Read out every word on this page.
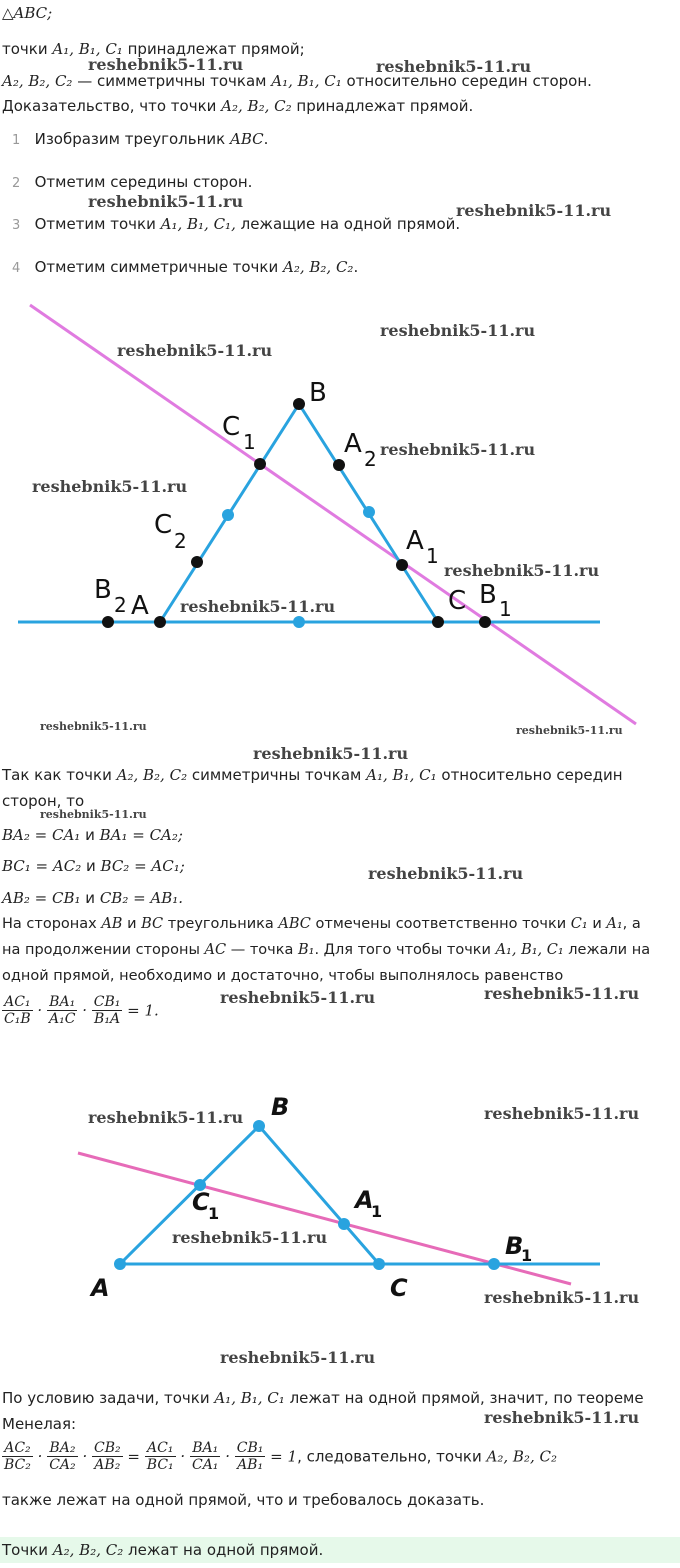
△ABC;
точки A₁, B₁, C₁ принадлежат прямой;
A₂, B₂, C₂ — симметричны точкам A₁, B₁, C₁ относительно середин сторон.
Доказательство, что точки A₂, B₂, C₂ принадлежат прямой.
1 Изобразим треугольник ABC.
2 Отметим середины сторон.
3 Отметим точки A₁, B₁, C₁, лежащие на одной прямой.
4 Отметим симметричные точки A₂, B₂, C₂.
B
C 1	A 2
C
2	A 1
B 2 A	C B 1
Так как точки A₂, B₂, C₂ симметричны точкам A₁, B₁, C₁ относительно середин
сторон, то
BA₂ = CA₁ и BA₁ = CA₂;
BC₁ = AC₂ и BC₂ = AC₁;
AB₂ = CB₁ и CB₂ = AB₁.
На сторонах AB и BC треугольника ABC отмечены соответственно точки C₁ и A₁, а
на продолжении стороны AC — точка B₁. Для того чтобы точки A₁, B₁, C₁ лежали на
одной прямой, необходимо и достаточно, чтобы выполнялось равенство
$\frac{\text{AC₁}}{\text{C₁B}} \cdot \frac{\text{BA₁}}{\text{A₁C}} \cdot \frac{\text{CB₁}}{\text{B₁A}} = 1$.
B
C
1	A
1
A	C
B
1
По условию задачи, точки A₁, B₁, C₁ лежат на одной прямой, значит, по теореме
Менелая:
$\frac{\text{AC₂}}{\text{BC₂}} \cdot \frac{\text{BA₂}}{\text{CA₂}} \cdot \frac{\text{CB₂}}{\text{AB₂}} = \frac{\text{AC₁}}{\text{BC₁}} \cdot \frac{\text{BA₁}}{\text{CA₁}} \cdot \frac{\text{CB₁}}{\text{AB₁}} = 1$, следовательно, точки A₂, B₂, C₂
также лежат на одной прямой, что и требовалось доказать.
Точки A₂, B₂, C₂ лежат на одной прямой.
reshebnik5-11.ru	reshebnik5-11.ru
reshebnik5-11.ru	reshebnik5-11.ru
reshebnik5-11.ru
reshebnik5-11.ru
reshebnik5-11.ru
reshebnik5-11.ru
reshebnik5-11.ru
reshebnik5-11.ru
reshebnik5-11.ru	reshebnik5-11.ru
reshebnik5-11.ru
reshebnik5-11.ru
reshebnik5-11.ru
reshebnik5-11.ru	reshebnik5-11.ru
reshebnik5-11.ru	reshebnik5-11.ru
reshebnik5-11.ru
reshebnik5-11.ru
reshebnik5-11.ru
reshebnik5-11.ru
